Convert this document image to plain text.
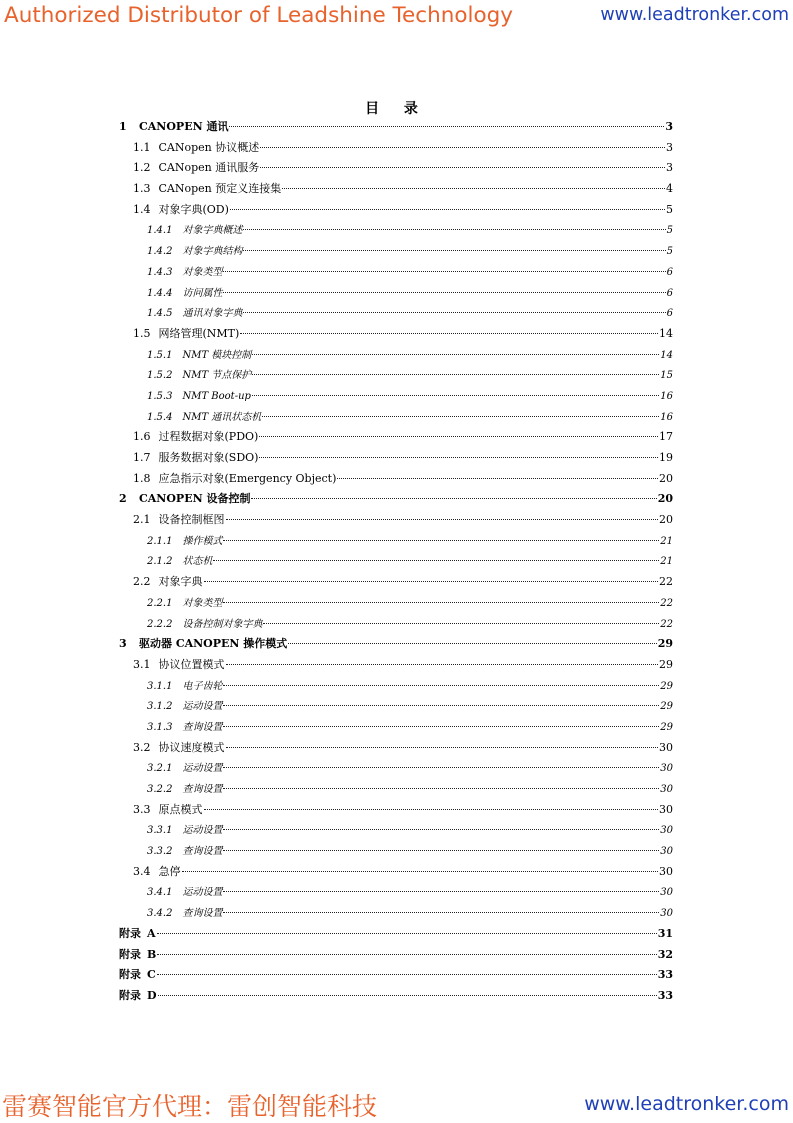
Authorized Distributor of Leadshine Technology	www.leadtronker.com
目 录
1	CANOPEN 通讯	3
1.1 CANopen 协议概述	3
1.2 CANopen 通讯服务	3
1.3 CANopen 预定义连接集	4
1.4 对象字典(OD)	5
1.4.1	对象字典概述	5
1.4.2	对象字典结构	5
1.4.3	对象类型	6
1.4.4	访问属性	6
1.4.5	通讯对象字典	6
1.5 网络管理(NMT)	14
1.5.1	NMT 模块控制	14
1.5.2	NMT 节点保护	15
1.5.3	NMT Boot-up	16
1.5.4	NMT 通讯状态机	16
1.6 过程数据对象(PDO)	17
1.7 服务数据对象(SDO)	19
1.8 应急指示对象(Emergency Object)	20
2	CANOPEN 设备控制	20
2.1 设备控制框图	20
2.1.1	操作模式	21
2.1.2	状态机	21
2.2 对象字典	22
2.2.1	对象类型	22
2.2.2	设备控制对象字典	22
3	驱动器 CANOPEN 操作模式	29
3.1 协议位置模式	29
3.1.1	电子齿轮	29
3.1.2	运动设置	29
3.1.3	查询设置	29
3.2 协议速度模式	30
3.2.1	运动设置	30
3.2.2	查询设置	30
3.3 原点模式	30
3.3.1	运动设置	30
3.3.2	查询设置	30
3.4 急停	30
3.4.1	运动设置	30
3.4.2	查询设置	30
附录 A	31
附录 B	32
附录 C	33
附录 D	33
雷赛智能官方代理：雷创智能科技	www.leadtronker.com
